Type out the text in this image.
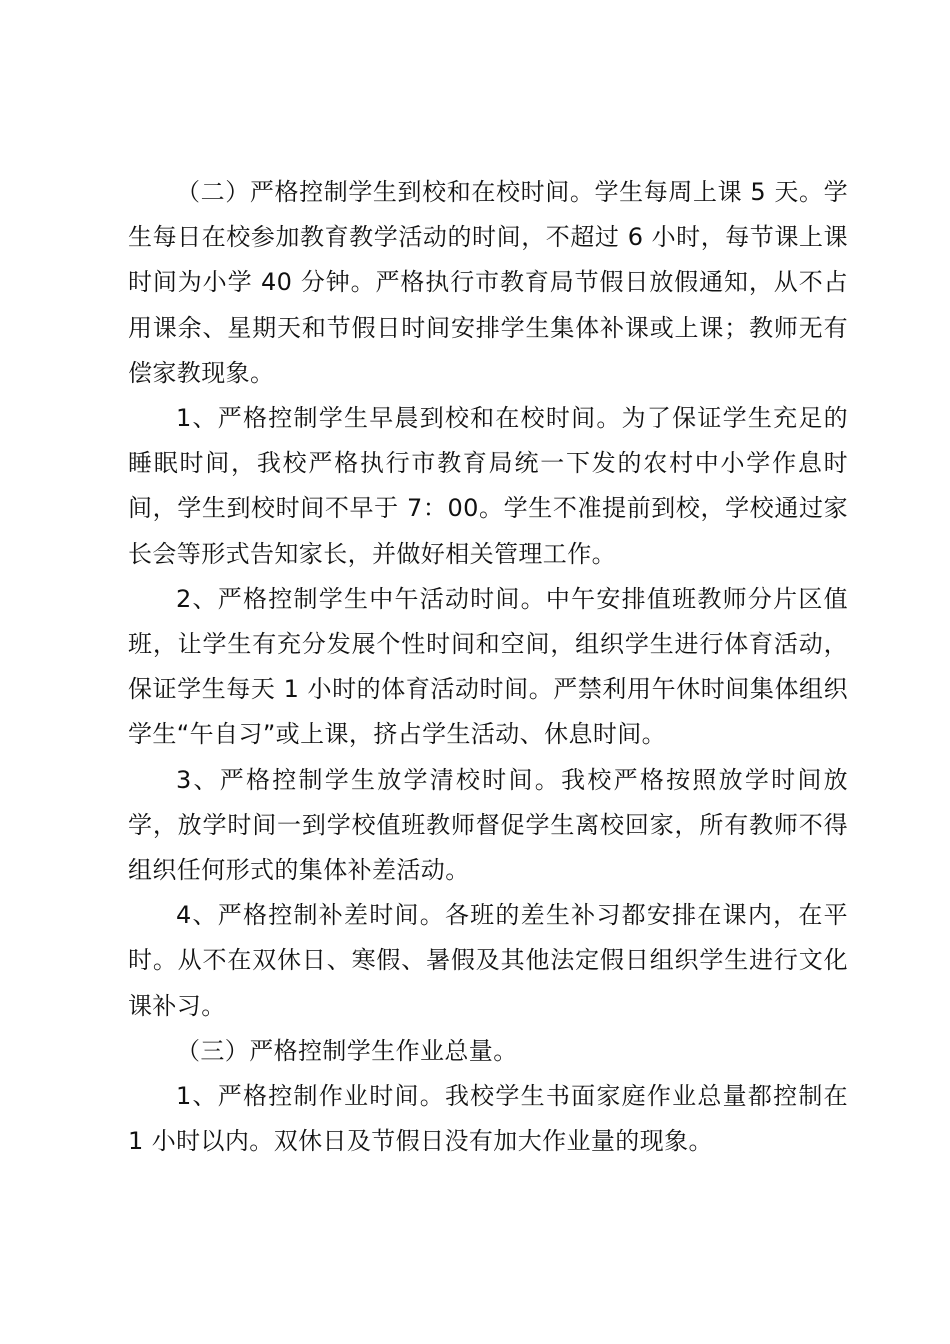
（二）严格控制学生到校和在校时间。学生每周上课 5 天。学生每日在校参加教育教学活动的时间，不超过 6 小时，每节课上课时间为小学 40 分钟。严格执行市教育局节假日放假通知，从不占用课余、星期天和节假日时间安排学生集体补课或上课；教师无有偿家教现象。

1、严格控制学生早晨到校和在校时间。为了保证学生充足的睡眠时间，我校严格执行市教育局统一下发的农村中小学作息时间，学生到校时间不早于 7：00。学生不准提前到校，学校通过家长会等形式告知家长，并做好相关管理工作。

2、严格控制学生中午活动时间。中午安排值班教师分片区值班，让学生有充分发展个性时间和空间，组织学生进行体育活动，保证学生每天 1 小时的体育活动时间。严禁利用午休时间集体组织学生“午自习”或上课，挤占学生活动、休息时间。

3、严格控制学生放学清校时间。我校严格按照放学时间放学，放学时间一到学校值班教师督促学生离校回家，所有教师不得组织任何形式的集体补差活动。

4、严格控制补差时间。各班的差生补习都安排在课内，在平时。从不在双休日、寒假、暑假及其他法定假日组织学生进行文化课补习。

（三）严格控制学生作业总量。

1、严格控制作业时间。我校学生书面家庭作业总量都控制在 1 小时以内。双休日及节假日没有加大作业量的现象。
